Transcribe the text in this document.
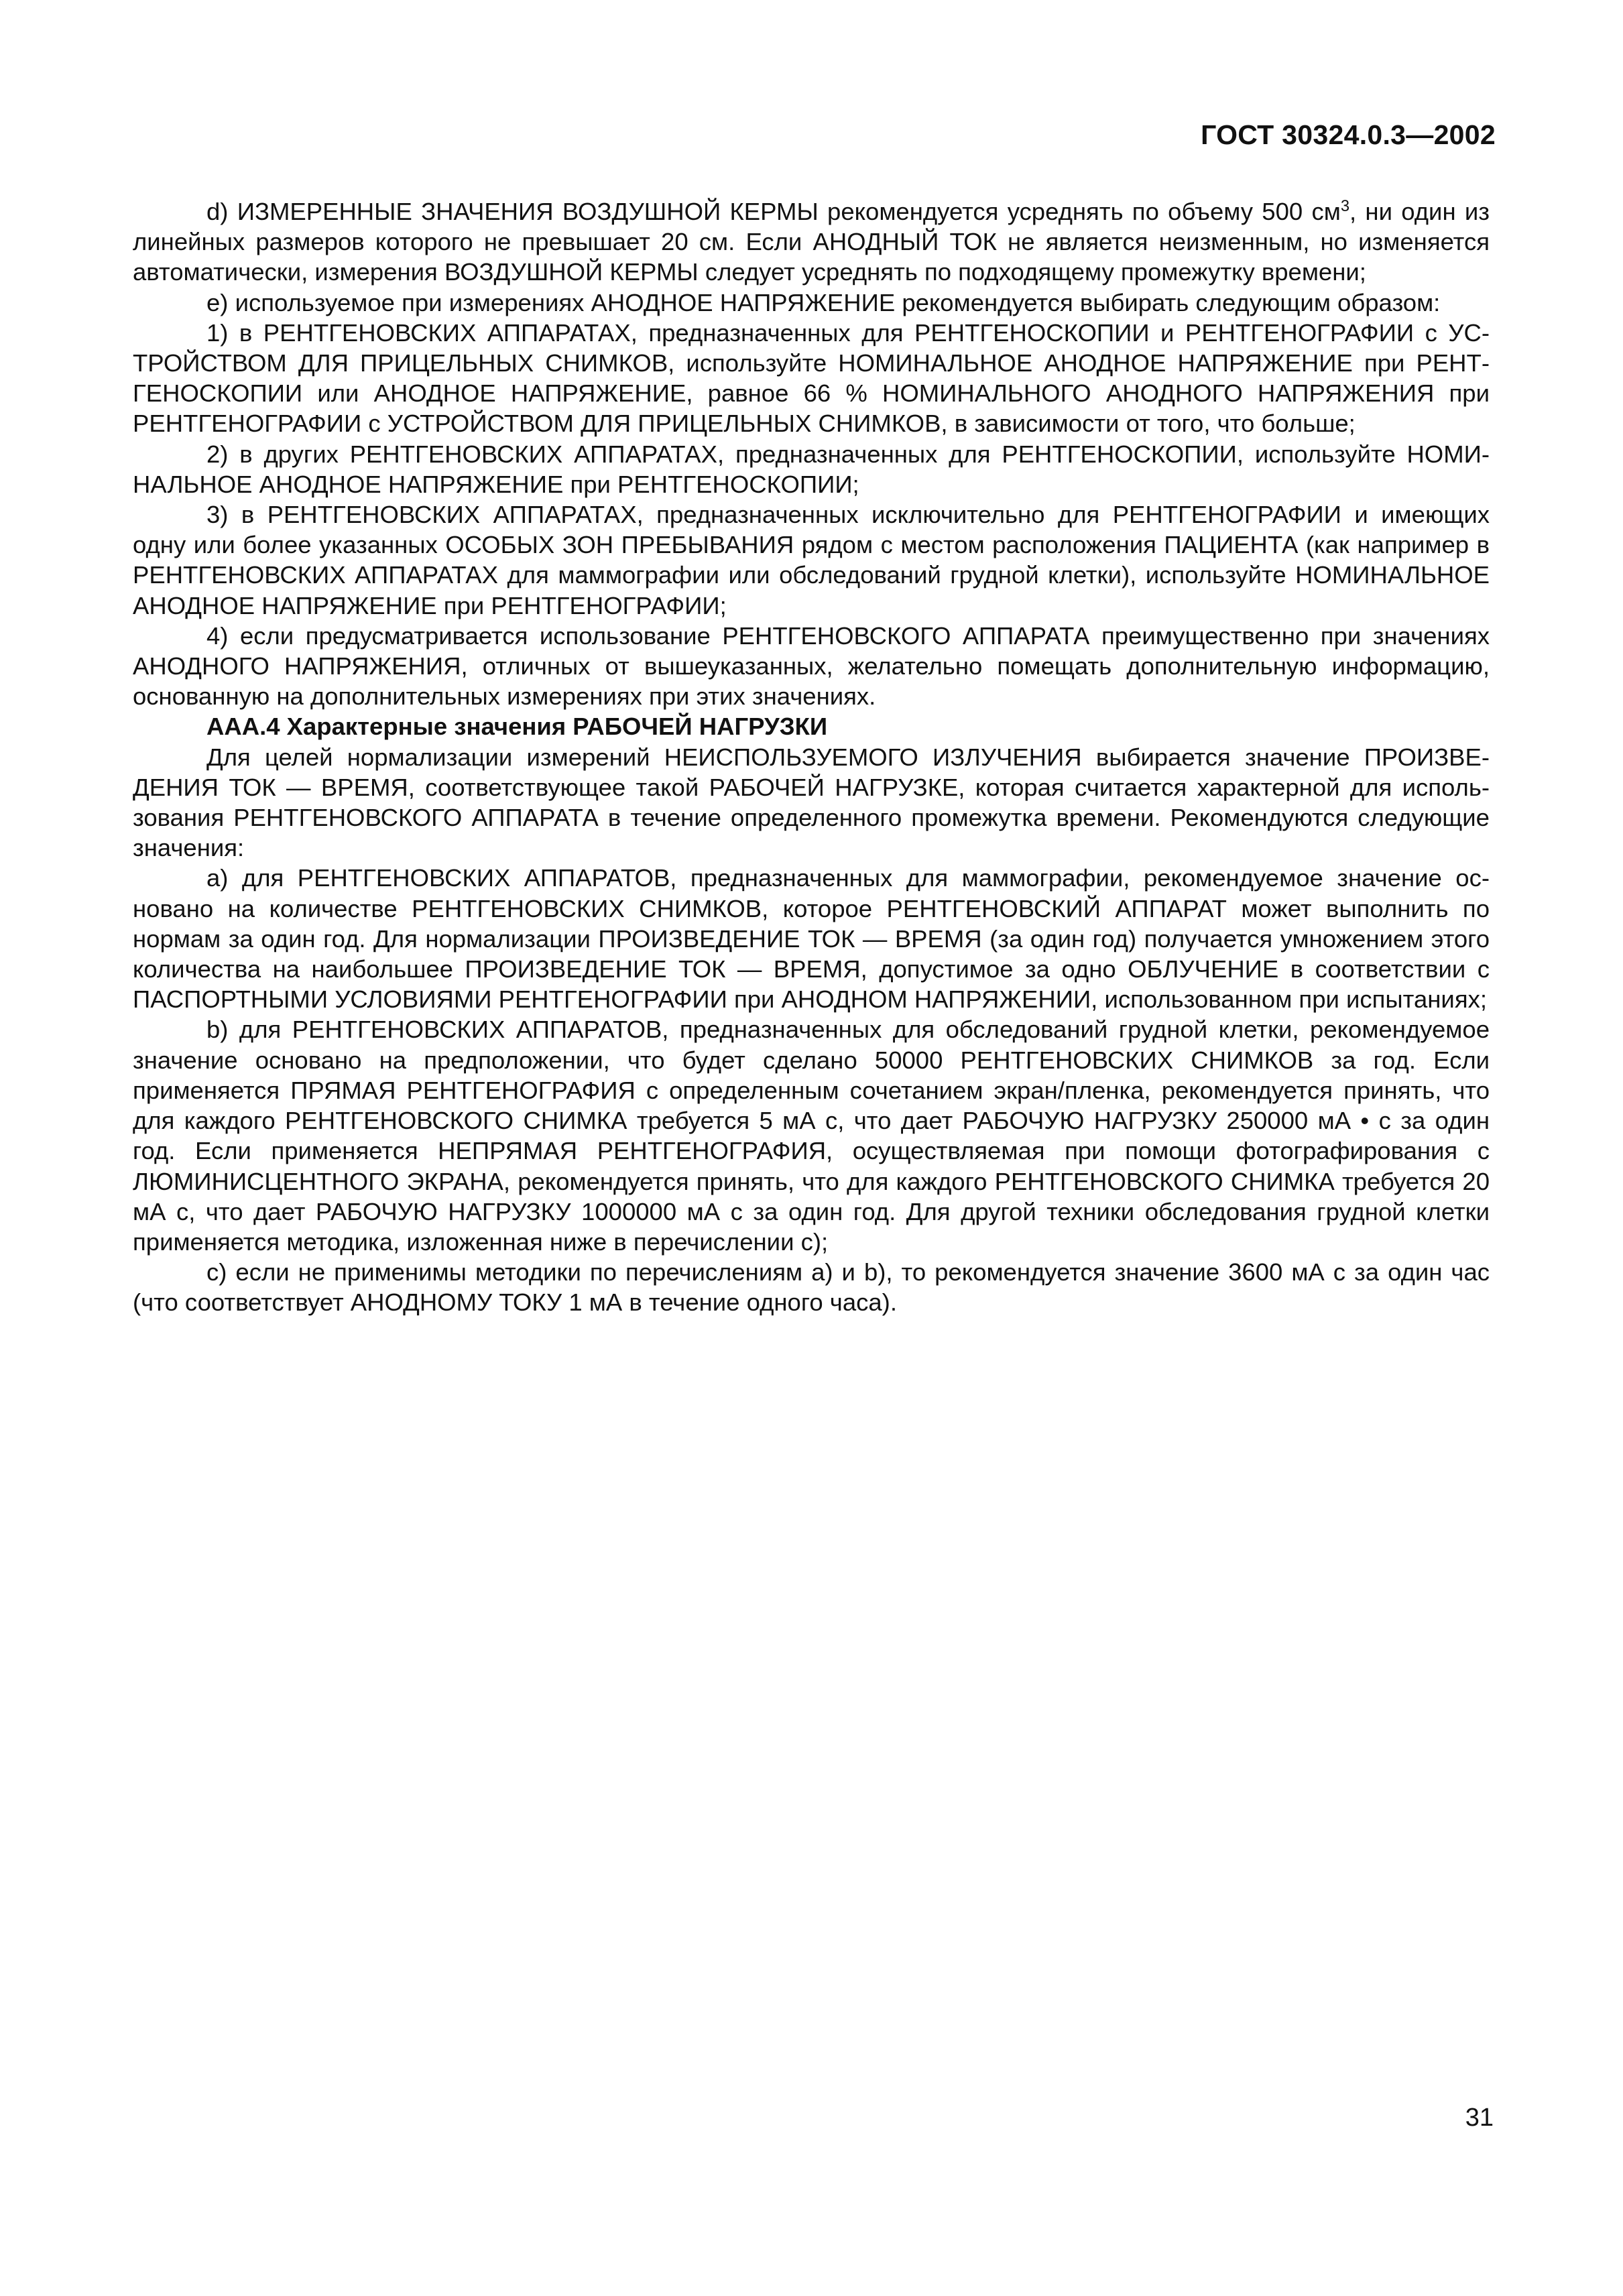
ГОСТ 30324.0.3—2002

d) ИЗМЕРЕННЫЕ ЗНАЧЕНИЯ ВОЗДУШНОЙ КЕРМЫ рекомендуется усреднять по объему 500 $см^3$, ни один из линейных размеров которого не превышает 20 см. Если АНОДНЫЙ ТОК не является неизменным, но изменяется автоматически, измерения ВОЗДУШНОЙ КЕРМЫ следует усреднять по подходящему промежутку времени;

е) используемое при измерениях АНОДНОЕ НАПРЯЖЕНИЕ рекомендуется выбирать следующим образом:

1) в РЕНТГЕНОВСКИХ АППАРАТАХ, предназначенных для РЕНТГЕНОСКОПИИ и РЕНТГЕНОГРАФИИ с УСТРОЙСТВОМ ДЛЯ ПРИЦЕЛЬНЫХ СНИМКОВ, используйте НОМИНАЛЬНОЕ АНОДНОЕ НАПРЯЖЕНИЕ при РЕНТГЕНОСКОПИИ или АНОДНОЕ НАПРЯЖЕНИЕ, равное 66 % НОМИНАЛЬНОГО АНОДНОГО НАПРЯЖЕНИЯ при РЕНТГЕНОГРАФИИ с УСТРОЙСТВОМ ДЛЯ ПРИЦЕЛЬНЫХ СНИМКОВ, в зависимости от того, что больше;

2) в других РЕНТГЕНОВСКИХ АППАРАТАХ, предназначенных для РЕНТГЕНОСКОПИИ, используйте НОМИНАЛЬНОЕ АНОДНОЕ НАПРЯЖЕНИЕ при РЕНТГЕНОСКОПИИ;

3) в РЕНТГЕНОВСКИХ АППАРАТАХ, предназначенных исключительно для РЕНТГЕНОГРАФИИ и имеющих одну или более указанных ОСОБЫХ ЗОН ПРЕБЫВАНИЯ рядом с местом расположения ПАЦИЕНТА (как например в РЕНТГЕНОВСКИХ АППАРАТАХ для маммографии или обследований грудной клетки), используйте НОМИНАЛЬНОЕ АНОДНОЕ НАПРЯЖЕНИЕ при РЕНТГЕНОГРАФИИ;

4) если предусматривается использование РЕНТГЕНОВСКОГО АППАРАТА преимущественно при значениях АНОДНОГО НАПРЯЖЕНИЯ, отличных от вышеуказанных, желательно помещать дополнительную информацию, основанную на дополнительных измерениях при этих значениях.

ААА.4 Характерные значения РАБОЧЕЙ НАГРУЗКИ

Для целей нормализации измерений НЕИСПОЛЬЗУЕМОГО ИЗЛУЧЕНИЯ выбирается значение ПРОИЗВЕДЕНИЯ ТОК — ВРЕМЯ, соответствующее такой РАБОЧЕЙ НАГРУЗКЕ, которая считается характерной для использования РЕНТГЕНОВСКОГО АППАРАТА в течение определенного промежутка времени. Рекомендуются следующие значения:

а) для РЕНТГЕНОВСКИХ АППАРАТОВ, предназначенных для маммографии, рекомендуемое значение основано на количестве РЕНТГЕНОВСКИХ СНИМКОВ, которое РЕНТГЕНОВСКИЙ АППАРАТ может выполнить по нормам за один год. Для нормализации ПРОИЗВЕДЕНИЕ ТОК — ВРЕМЯ (за один год) получается умножением этого количества на наибольшее ПРОИЗВЕДЕНИЕ ТОК — ВРЕМЯ, допустимое за одно ОБЛУЧЕНИЕ в соответствии с ПАСПОРТНЫМИ УСЛОВИЯМИ РЕНТГЕНОГРАФИИ при АНОДНОМ НАПРЯЖЕНИИ, использованном при испытаниях;

b) для РЕНТГЕНОВСКИХ АППАРАТОВ, предназначенных для обследований грудной клетки, рекомендуемое значение основано на предположении, что будет сделано 50000 РЕНТГЕНОВСКИХ СНИМКОВ за год. Если применяется ПРЯМАЯ РЕНТГЕНОГРАФИЯ с определенным сочетанием экран/пленка, рекомендуется принять, что для каждого РЕНТГЕНОВСКОГО СНИМКА требуется 5 мА с, что дает РАБОЧУЮ НАГРУЗКУ 250000 мА • с за один год. Если применяется НЕПРЯМАЯ РЕНТГЕНОГРАФИЯ, осуществляемая при помощи фотографирования с ЛЮМИНИСЦЕНТНОГО ЭКРАНА, рекомендуется принять, что для каждого РЕНТГЕНОВСКОГО СНИМКА требуется 20 мА с, что дает РАБОЧУЮ НАГРУЗКУ 1000000 мА с за один год. Для другой техники обследования грудной клетки применяется методика, изложенная ниже в перечислении с);

с) если не применимы методики по перечислениям а) и b), то рекомендуется значение 3600 мА с за один час (что соответствует АНОДНОМУ ТОКУ 1 мА в течение одного часа).

31
